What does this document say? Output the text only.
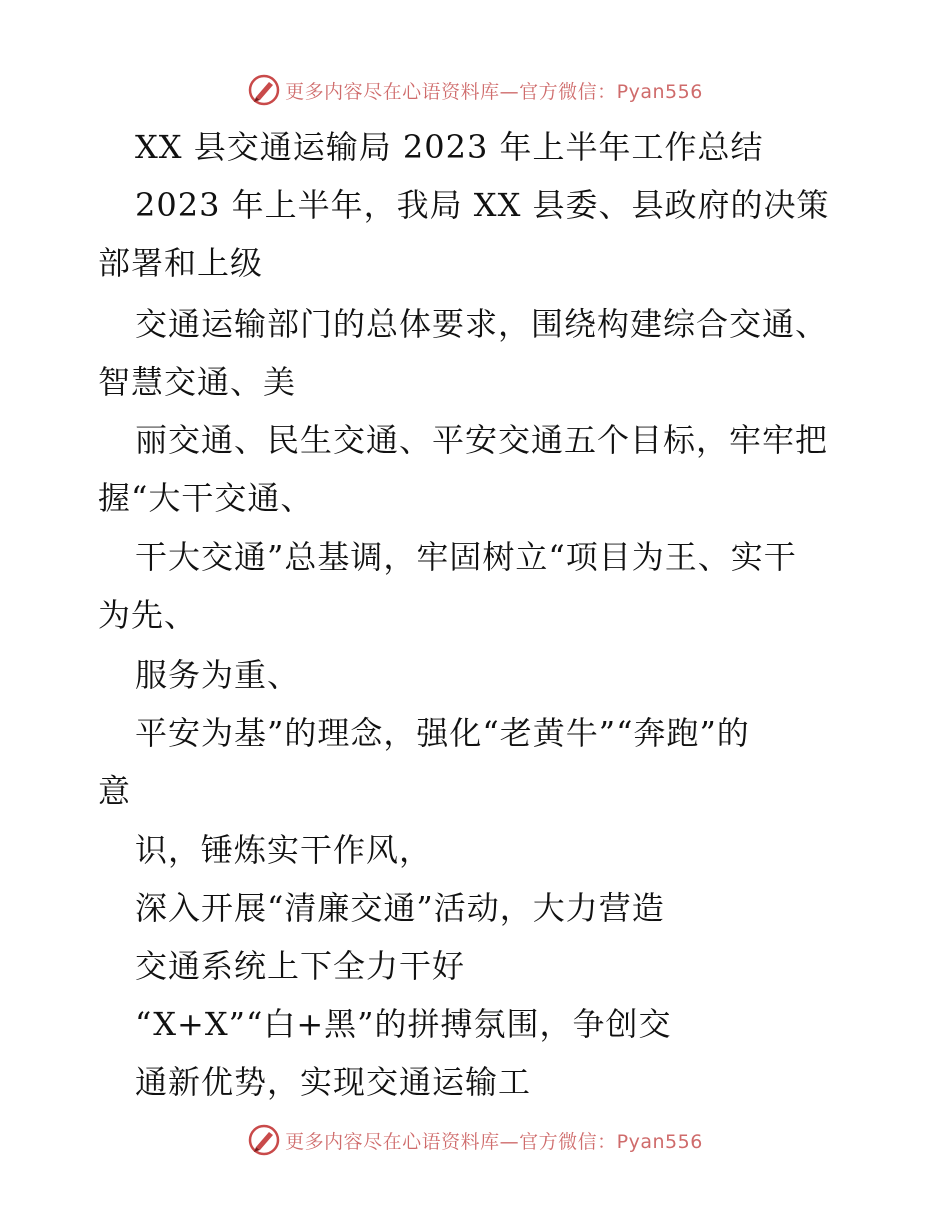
更多内容尽在心语资料库—官方微信：Pyan556
XX 县交通运输局 2023 年上半年工作总结
2023 年上半年，我局 XX 县委、县政府的决策
部署和上级
交通运输部门的总体要求，围绕构建综合交通、
智慧交通、美
丽交通、民生交通、平安交通五个目标，牢牢把
握“大干交通、
干大交通”总基调，牢固树立“项目为王、实干
为先、
服务为重、
平安为基”的理念，强化“老黄牛”“奔跑”的
意
识，锤炼实干作风，
深入开展“清廉交通”活动，大力营造
交通系统上下全力干好
“X+X”“白+黑”的拼搏氛围，争创交
通新优势，实现交通运输工
更多内容尽在心语资料库—官方微信：Pyan556
